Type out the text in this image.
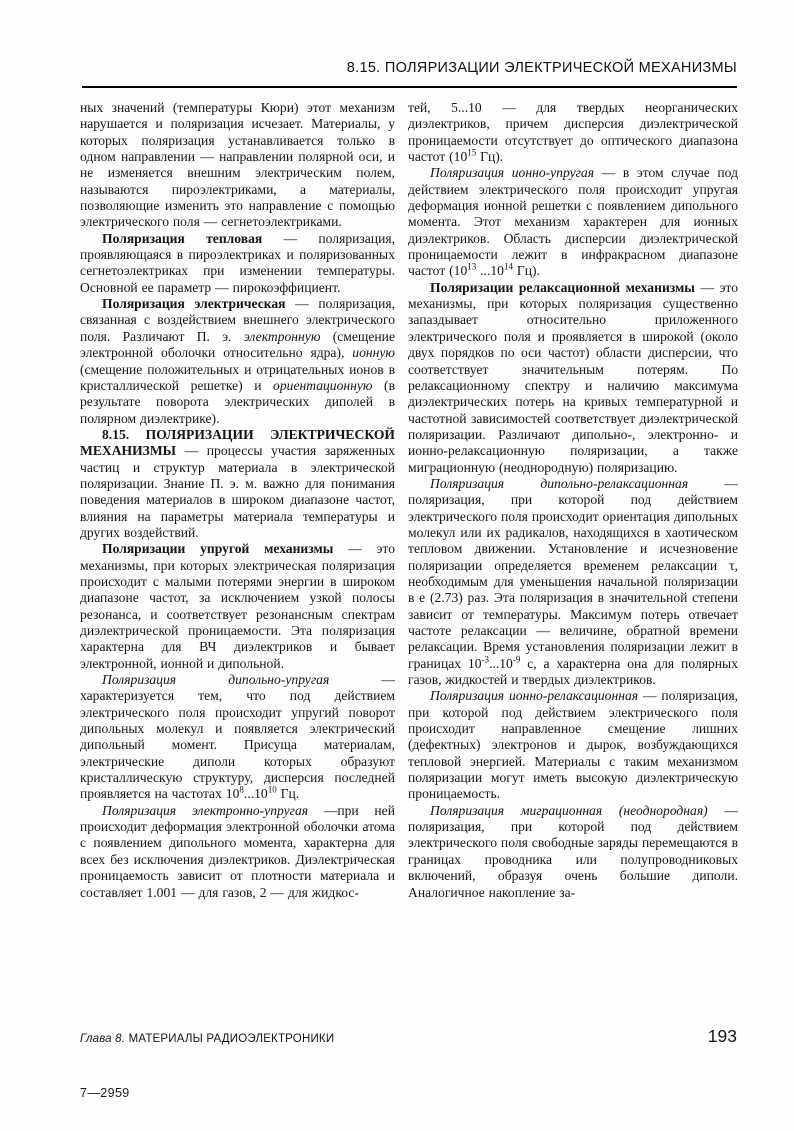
8.15. ПОЛЯРИЗАЦИИ ЭЛЕКТРИЧЕСКОЙ МЕХАНИЗМЫ

ных значений (температуры Кюри) этот механизм нарушается и поляризация исчезает. Материалы, у которых поляризация устанавливается только в одном направлении — направлении полярной оси, и не изменяется внешним электрическим полем, называются пироэлектриками, а материалы, позволяющие изменить это направление с помощью электрического поля — сегнетоэлектриками.

Поляризация тепловая — поляризация, проявляющаяся в пироэлектриках и поляризованных сегнетоэлектриках при изменении температуры. Основной ее параметр — пирокоэффициент.

Поляризация электрическая — поляризация, связанная с воздействием внешнего электрического поля. Различают П. э. электронную (смещение электронной оболочки относительно ядра), ионную (смещение положительных и отрицательных ионов в кристаллической решетке) и ориентационную (в результате поворота электрических диполей в полярном диэлектрике).

8.15. ПОЛЯРИЗАЦИИ ЭЛЕКТРИЧЕСКОЙ МЕХАНИЗМЫ — процессы участия заряженных частиц и структур материала в электрической поляризации. Знание П. э. м. важно для понимания поведения материалов в широком диапазоне частот, влияния на параметры материала температуры и других воздействий.

Поляризации упругой механизмы — это механизмы, при которых электрическая поляризация происходит с малыми потерями энергии в широком диапазоне частот, за исключением узкой полосы резонанса, и соответствует резонансным спектрам диэлектрической проницаемости. Эта поляризация характерна для ВЧ диэлектриков и бывает электронной, ионной и дипольной.

Поляризация дипольно-упругая — характеризуется тем, что под действием электрического поля происходит упругий поворот дипольных молекул и появляется электрический дипольный момент. Присуща материалам, электрические диполи которых образуют кристаллическую структуру, дисперсия последней проявляется на частотах $10^8...10^{10}$ Гц.

Поляризация электронно-упругая —при ней происходит деформация электронной оболочки атома с появлением дипольного момента, характерна для всех без исключения диэлектриков. Диэлектрическая проницаемость зависит от плотности материала и составляет 1.001 — для газов, 2 — для жидкос-

тей, 5...10 — для твердых неорганических диэлектриков, причем дисперсия диэлектрической проницаемости отсутствует до оптического диапазона частот ($10^{15}$ Гц).

Поляризация ионно-упругая — в этом случае под действием электрического поля происходит упругая деформация ионной решетки с появлением дипольного момента. Этот механизм характерен для ионных диэлектриков. Область дисперсии диэлектрической проницаемости лежит в инфракрасном диапазоне частот ($10^{13}$ ...10$^{14}$ Гц).

Поляризации релаксационной механизмы — это механизмы, при которых поляризация существенно запаздывает относительно приложенного электрического поля и проявляется в широкой (около двух порядков по оси частот) области дисперсии, что соответствует значительным потерям. По релаксационному спектру и наличию максимума диэлектрических потерь на кривых температурной и частотной зависимостей соответствует диэлектрической поляризации. Различают дипольно-, электронно- и ионно-релаксационную поляризации, а также миграционную (неоднородную) поляризацию.

Поляризация дипольно-релаксационная — поляризация, при которой под действием электрического поля происходит ориентация дипольных молекул или их радикалов, находящихся в хаотическом тепловом движении. Установление и исчезновение поляризации определяется временем релаксации τ, необходимым для уменьшения начальной поляризации в е (2.73) раз. Эта поляризация в значительной степени зависит от температуры. Максимум потерь отвечает частоте релаксации — величине, обратной времени релаксации. Время установления поляризации лежит в границах $10^{-3}...10^{-9}$ с, а характерна она для полярных газов, жидкостей и твердых диэлектриков.

Поляризация ионно-релаксационная — поляризация, при которой под действием электрического поля происходит направленное смещение лишних (дефектных) электронов и дырок, возбуждающихся тепловой энергией. Материалы с таким механизмом поляризации могут иметь высокую диэлектрическую проницаемость.

Поляризация миграционная (неоднородная) — поляризация, при которой под действием электрического поля свободные заряды перемещаются в границах проводника или полупроводниковых включений, образуя очень большие диполи. Аналогичное накопление за-

Глава 8. МАТЕРИАЛЫ РАДИОЭЛЕКТРОНИКИ	193
7—2959
